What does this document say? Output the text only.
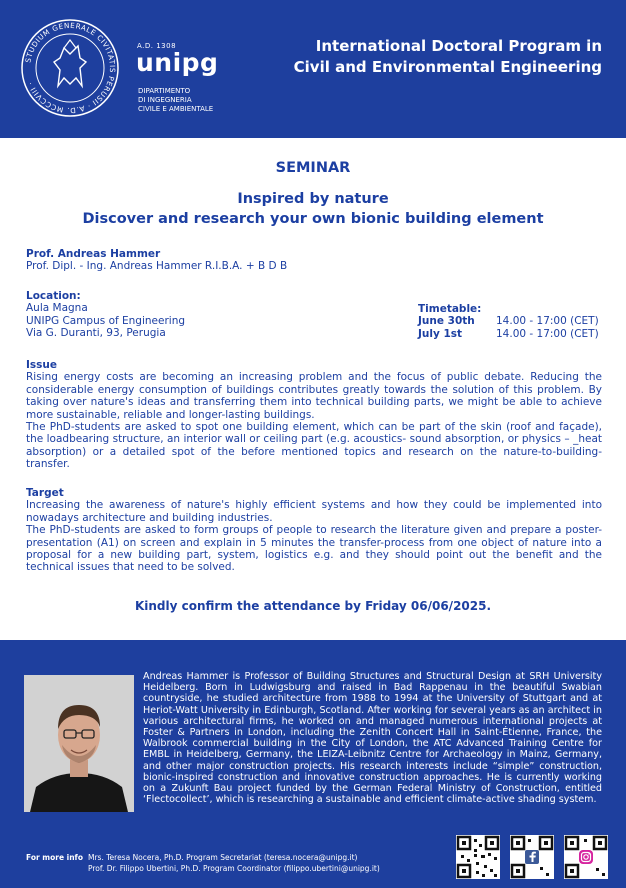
STUDIUM GENERALE CIVITATIS PERUSII · A.D. MCCCVIII ·
A.D. 1308
unipg
DIPARTIMENTO
DI INGEGNERIA
CIVILE E AMBIENTALE
International Doctoral Program in
Civil and Environmental Engineering
SEMINAR
Inspired by nature
Discover and research your own bionic building element
Prof. Andreas Hammer
Prof. Dipl. - Ing. Andreas Hammer R.I.B.A. + B D B
Location:
Aula Magna
UNIPG Campus of Engineering
Via G. Duranti, 93, Perugia
Timetable:
June 30th	14.00 - 17:00 (CET)
July 1st	14.00 - 17:00 (CET)
Issue

Rising energy costs are becoming an increasing problem and the focus of public debate. Reducing the considerable energy consumption of buildings contributes greatly towards the solution of this problem. By taking over nature's ideas and transferring them into technical building parts, we might be able to achieve more sustainable, reliable and longer-lasting buildings.

The PhD-students are asked to spot one building element, which can be part of the skin (roof and façade), the loadbearing structure, an interior wall or ceiling part (e.g. acoustics- sound absorption, or physics – _heat absorption) or a detailed spot of the before mentioned topics and research on the nature-to-building-transfer.

Target

Increasing the awareness of nature's highly efficient systems and how they could be implemented into nowadays architecture and building industries.

The PhD-students are asked to form groups of people to research the literature given and prepare a poster-presentation (A1) on screen and explain in 5 minutes the transfer-process from one object of nature into a proposal for a new building part, system, logistics e.g. and they should point out the benefit and the technical issues that need to be solved.

Kindly confirm the attendance by Friday 06/06/2025.
Andreas Hammer is Professor of Building Structures and Structural Design at SRH University Heidelberg. Born in Ludwigsburg and raised in Bad Rappenau in the beautiful Swabian countryside, he studied architecture from 1988 to 1994 at the University of Stuttgart and at Heriot-Watt University in Edinburgh, Scotland. After working for several years as an architect in various architectural firms, he worked on and managed numerous international projects at Foster & Partners in London, including the Zenith Concert Hall in Saint-Étienne, France, the Walbrook commercial building in the City of London, the ATC Advanced Training Centre for EMBL in Heidelberg, Germany, the LEIZA-Leibnitz Centre for Archaeology in Mainz, Germany, and other major construction projects. His research interests include “simple” construction, bionic-inspired construction and innovative construction approaches. He is currently working on a Zukunft Bau project funded by the German Federal Ministry of Construction, entitled ‘Flectocollect’, which is researching a sustainable and efficient climate-active shading system.
For more info Mrs. Teresa Nocera, Ph.D. Program Secretariat (teresa.nocera@unipg.it)
Prof. Dr. Filippo Ubertini, Ph.D. Program Coordinator (filippo.ubertini@unipg.it)
